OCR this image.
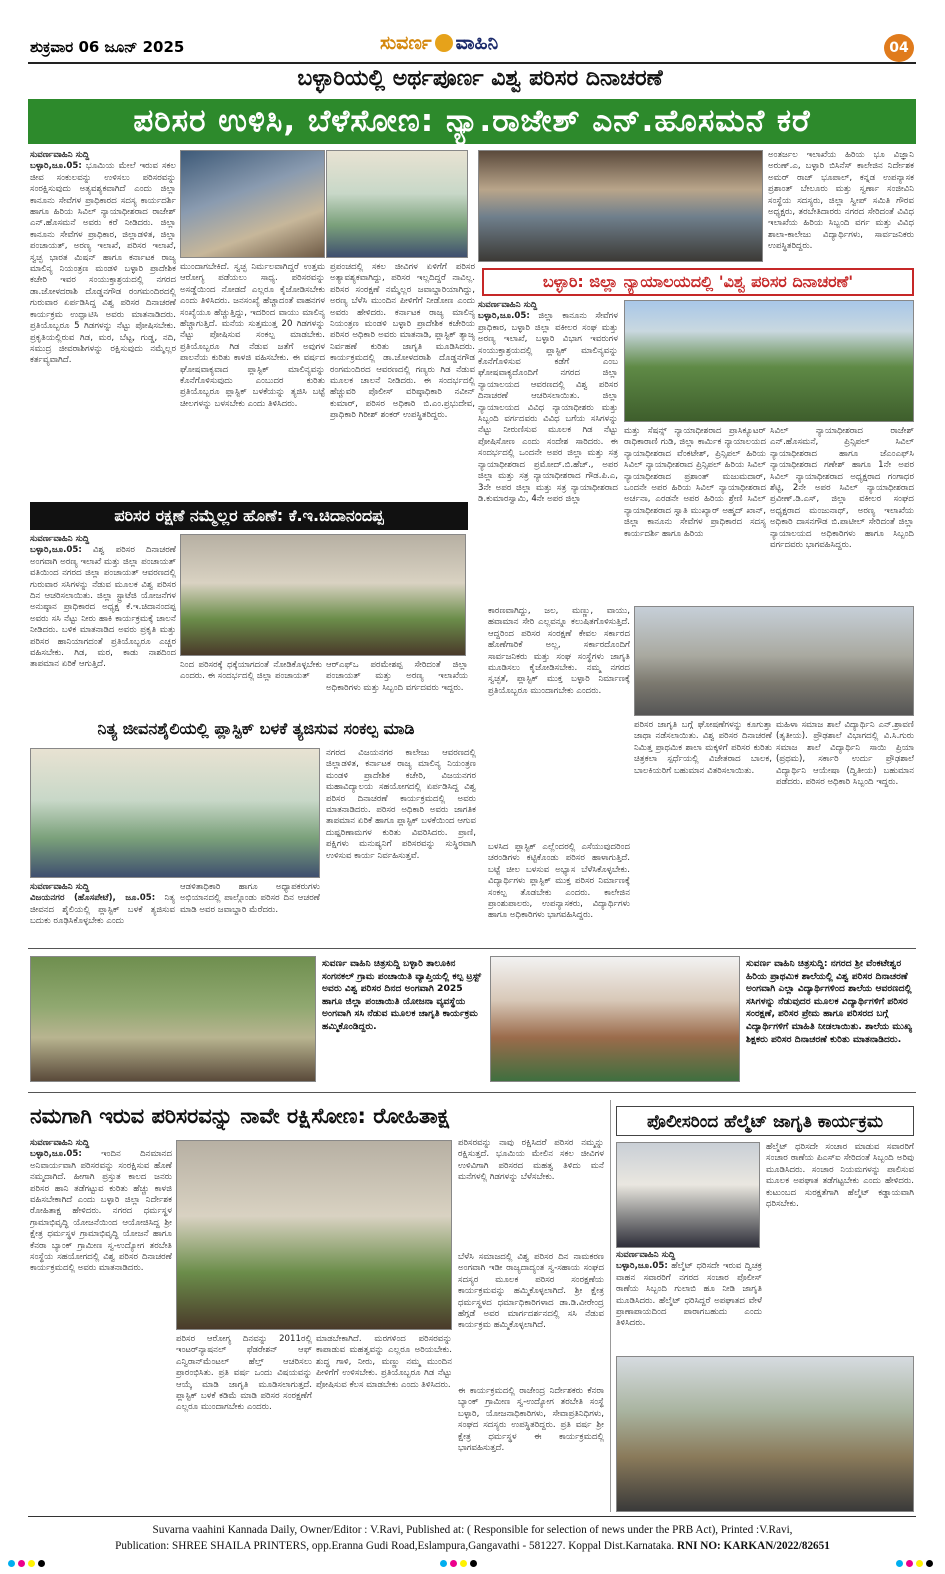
ಶುಕ್ರವಾರ 06 ಜೂನ್ 2025	ಸುವರ್ಣ ವಾಹಿನಿ	04
ಬಳ್ಳಾರಿಯಲ್ಲಿ ಅರ್ಥಪೂರ್ಣ ವಿಶ್ವ ಪರಿಸರ ದಿನಾಚರಣೆ
ಪರಿಸರ ಉಳಿಸಿ, ಬೆಳೆಸೋಣ: ನ್ಯಾ.ರಾಜೇಶ್ ಎನ್.ಹೊಸಮನೆ ಕರೆ
ಸುವರ್ಣವಾಹಿನಿ ಸುದ್ದಿ
ಬಳ್ಳಾರಿ,ಜೂ.05: ಭೂಮಿಯ ಮೇಲೆ ಇರುವ ಸಕಲ ಜೀವ ಸಂಕುಲವನ್ನು ಉಳಿಸಲು ಪರಿಸರವನ್ನು ಸಂರಕ್ಷಿಸುವುದು ಅತ್ಯವಶ್ಯಕವಾಗಿದೆ ಎಂದು ಜಿಲ್ಲಾ ಕಾನೂನು ಸೇವೆಗಳ ಪ್ರಾಧಿಕಾರದ ಸದಸ್ಯ ಕಾರ್ಯದರ್ಶಿ ಹಾಗೂ ಹಿರಿಯ ಸಿವಿಲ್ ನ್ಯಾಯಾಧೀಶರಾದ ರಾಜೇಶ್ ಎನ್.ಹೊಸಮನೆ ಅವರು ಕರೆ ನೀಡಿದರು. ಜಿಲ್ಲಾ ಕಾನೂನು ಸೇವೆಗಳ ಪ್ರಾಧಿಕಾರ, ಜಿಲ್ಲಾಡಳಿತ, ಜಿಲ್ಲಾ ಪಂಚಾಯತ್, ಅರಣ್ಯ ಇಲಾಖೆ, ಪರಿಸರ ಇಲಾಖೆ, ಸ್ವಚ್ಛ ಭಾರತ ಮಿಷನ್ ಹಾಗೂ ಕರ್ನಾಟಕ ರಾಜ್ಯ ಮಾಲಿನ್ಯ ನಿಯಂತ್ರಣ ಮಂಡಳಿ ಬಳ್ಳಾರಿ ಪ್ರಾದೇಶಿಕ ಕಚೇರಿ ಇವರ ಸಂಯುಕ್ತಾಶ್ರಯದಲ್ಲಿ ನಗರದ ಡಾ.ಜೋಳದರಾಶಿ ದೊಡ್ಡನಗೌಡ ರಂಗಮಂದಿರದಲ್ಲಿ ಗುರುವಾರ ಏರ್ಪಡಿಸಿದ್ದ ವಿಶ್ವ ಪರಿಸರ ದಿನಾಚರಣೆ ಕಾರ್ಯಕ್ರಮ ಉದ್ಘಾಟಿಸಿ ಅವರು ಮಾತನಾಡಿದರು. ಪ್ರತಿಯೊಬ್ಬರೂ 5 ಗಿಡಗಳನ್ನು ನೆಟ್ಟು ಪೋಷಿಸಬೇಕು. ಪ್ರಕೃತಿಯಲ್ಲಿರುವ ಗಿಡ, ಮರ, ಬೆಟ್ಟ, ಗುಡ್ಡ, ನದಿ, ಸಮುದ್ರ ಜೀವರಾಶಿಗಳನ್ನು ರಕ್ಷಿಸುವುದು ನಮ್ಮೆಲ್ಲರ ಕರ್ತವ್ಯವಾಗಿದೆ.
ಮುಂದಾಗಬೇಕಿದೆ. ಸ್ವಚ್ಛ ನಿರ್ಮಲವಾಗಿದ್ದರೆ ಉತ್ತಮ ಆರೋಗ್ಯ ಪಡೆಯಲು ಸಾಧ್ಯ. ಪರಿಸರವನ್ನು ಅಸಡ್ಡೆಯಿಂದ ನೋಡದೆ ಎಲ್ಲರೂ ಕೈಜೋಡಿಸಬೇಕು ಎಂದು ತಿಳಿಸಿದರು. ಜನಸಂಖ್ಯೆ ಹೆಚ್ಚಾದಂತೆ ವಾಹನಗಳ ಸಂಖ್ಯೆಯೂ ಹೆಚ್ಚುತ್ತಿದ್ದು, ಇದರಿಂದ ವಾಯು ಮಾಲಿನ್ಯ ಹೆಚ್ಚಾಗುತ್ತಿದೆ. ಮನೆಯ ಸುತ್ತಮುತ್ತ 20 ಗಿಡಗಳನ್ನು ನೆಟ್ಟು ಪೋಷಿಸುವ ಸಂಕಲ್ಪ ಮಾಡಬೇಕು. ಪ್ರತಿಯೊಬ್ಬರೂ ಗಿಡ ನೆಡುವ ಜತೆಗೆ ಅವುಗಳ ಪಾಲನೆಯ ಕುರಿತು ಕಾಳಜಿ ವಹಿಸಬೇಕು. ಈ ವರ್ಷದ ಘೋಷವಾಕ್ಯವಾದ ಪ್ಲಾಸ್ಟಿಕ್ ಮಾಲಿನ್ಯವನ್ನು ಕೊನೆಗೊಳಿಸುವುದು ಎಂಬುದರ ಕುರಿತು ಪ್ರತಿಯೊಬ್ಬರೂ ಪ್ಲಾಸ್ಟಿಕ್ ಬಳಕೆಯನ್ನು ತ್ಯಜಿಸಿ ಬಟ್ಟೆ ಚೀಲಗಳನ್ನು ಬಳಸಬೇಕು ಎಂದು ತಿಳಿಸಿದರು.
ಪ್ರಪಂಚದಲ್ಲಿ ಸಕಲ ಜೀವಿಗಳ ಏಳಿಗೆಗೆ ಪರಿಸರ ಅತ್ಯಾವಶ್ಯಕವಾಗಿದ್ದು, ಪರಿಸರ ಇಲ್ಲದಿದ್ದರೆ ನಾವಿಲ್ಲ. ಪರಿಸರ ಸಂರಕ್ಷಣೆ ನಮ್ಮೆಲ್ಲರ ಜವಾಬ್ದಾರಿಯಾಗಿದ್ದು, ಅರಣ್ಯ ಬೆಳೆಸಿ ಮುಂದಿನ ಪೀಳಿಗೆಗೆ ನೀಡೋಣ ಎಂದು ಅವರು ಹೇಳಿದರು. ಕರ್ನಾಟಕ ರಾಜ್ಯ ಮಾಲಿನ್ಯ ನಿಯಂತ್ರಣ ಮಂಡಳಿ ಬಳ್ಳಾರಿ ಪ್ರಾದೇಶಿಕ ಕಚೇರಿಯ ಪರಿಸರ ಅಧಿಕಾರಿ ಅವರು ಮಾತನಾಡಿ, ಪ್ಲಾಸ್ಟಿಕ್ ತ್ಯಾಜ್ಯ ನಿರ್ವಹಣೆ ಕುರಿತು ಜಾಗೃತಿ ಮೂಡಿಸಿದರು. ಕಾರ್ಯಕ್ರಮದಲ್ಲಿ ಡಾ.ಜೋಳದರಾಶಿ ದೊಡ್ಡನಗೌಡ ರಂಗಮಂದಿರದ ಆವರಣದಲ್ಲಿ ಗಣ್ಯರು ಗಿಡ ನೆಡುವ ಮೂಲಕ ಚಾಲನೆ ನೀಡಿದರು. ಈ ಸಂದರ್ಭದಲ್ಲಿ ಹೆಚ್ಚುವರಿ ಪೊಲೀಸ್ ವರಿಷ್ಠಾಧಿಕಾರಿ ನವೀನ್ ಕುಮಾರ್, ಪರಿಸರ ಅಧಿಕಾರಿ ಬಿ.ಎಂ.ಪ್ರಭುದೇವ, ಪ್ರಾಧಿಕಾರಿ ಗಿರೀಶ್ ಶಂಕರ್ ಉಪಸ್ಥಿತರಿದ್ದರು.
ಅಂತರ್ಜಲ ಇಲಾಖೆಯ ಹಿರಿಯ ಭೂ ವಿಜ್ಞಾನಿ ಅರುಣ್.ಎ, ಬಳ್ಳಾರಿ ಬಿಸಿನೆಸ್ ಕಾಲೇಜಿನ ನಿರ್ದೇಶಕ ಅಮರ್ ರಾಜ್ ಭೂಪಾಲ್, ಕನ್ನಡ ಉಪನ್ಯಾಸಕ ಪ್ರಶಾಂತ್ ಬೇಲೂರು ಮತ್ತು ಸ್ವರ್ಣಾ ಸಂಜೀವಿನಿ ಸಂಸ್ಥೆಯ ಸದಸ್ಯರು, ಜಿಲ್ಲಾ ಸ್ವೀಪ್ ಸಮಿತಿ ಗೌರವ ಅಧ್ಯಕ್ಷರು, ತರಬೇತಿದಾರರು ನಗರದ ಸೇರಿದಂತೆ ವಿವಿಧ ಇಲಾಖೆಯ ಹಿರಿಯ ಸಿಬ್ಬಂದಿ ವರ್ಗ ಮತ್ತು ವಿವಿಧ ಶಾಲಾ-ಕಾಲೇಜು ವಿದ್ಯಾರ್ಥಿಗಳು, ಸಾರ್ವಜನಿಕರು ಉಪಸ್ಥಿತರಿದ್ದರು.
ಬಳ್ಳಾರಿ: ಜಿಲ್ಲಾ ನ್ಯಾಯಾಲಯದಲ್ಲಿ 'ವಿಶ್ವ ಪರಿಸರ ದಿನಾಚರಣೆ'
ಸುವರ್ಣವಾಹಿನಿ ಸುದ್ದಿ
ಬಳ್ಳಾರಿ,ಜೂ.05: ಜಿಲ್ಲಾ ಕಾನೂನು ಸೇವೆಗಳ ಪ್ರಾಧಿಕಾರ, ಬಳ್ಳಾರಿ ಜಿಲ್ಲಾ ವಕೀಲರ ಸಂಘ ಮತ್ತು ಅರಣ್ಯ ಇಲಾಖೆ, ಬಳ್ಳಾರಿ ವಿಭಾಗ ಇವರುಗಳ ಸಂಯುಕ್ತಾಶ್ರಯದಲ್ಲಿ ಪ್ಲಾಸ್ಟಿಕ್ ಮಾಲಿನ್ಯವನ್ನು ಕೊನೆಗೊಳಿಸುವ ಕಡೆಗೆ ಎಂಬ ಘೋಷವಾಕ್ಯದೊಂದಿಗೆ ನಗರದ ಜಿಲ್ಲಾ ನ್ಯಾಯಾಲಯದ ಆವರಣದಲ್ಲಿ ವಿಶ್ವ ಪರಿಸರ ದಿನಾಚರಣೆ ಆಚರಿಸಲಾಯಿತು. ಜಿಲ್ಲಾ ನ್ಯಾಯಾಲಯದ ವಿವಿಧ ನ್ಯಾಯಾಧೀಶರು ಮತ್ತು ಸಿಬ್ಬಂದಿ ವರ್ಗದವರು ವಿವಿಧ ಬಗೆಯ ಸಸಿಗಳನ್ನು ನೆಟ್ಟು ನೀರುಣಿಸುವ ಮೂಲಕ ಗಿಡ ನೆಟ್ಟು ಪೋಷಿಸೋಣ ಎಂದು ಸಂದೇಶ ಸಾರಿದರು. ಈ ಸಂದರ್ಭದಲ್ಲಿ ಒಂದನೇ ಅಪರ ಜಿಲ್ಲಾ ಮತ್ತು ಸತ್ರ ನ್ಯಾಯಾಧೀಶರಾದ ಪ್ರಮೋದ್.ಬಿ.ಹೆಚ್., ಅಪರ ಜಿಲ್ಲಾ ಮತ್ತು ಸತ್ರ ನ್ಯಾಯಾಧೀಶರಾದ ಗೌಡ.ಪಿ.ಎ, 3ನೇ ಅಪರ ಜಿಲ್ಲಾ ಮತ್ತು ಸತ್ರ ನ್ಯಾಯಾಧೀಶರಾದ ಡಿ.ಕುಮಾರಸ್ವಾಮಿ, 4ನೇ ಅಪರ ಜಿಲ್ಲಾ
ಮತ್ತು ಸೆಷನ್ಸ್ ನ್ಯಾಯಾಧೀಶರಾದ ಪ್ರಾಸಿಕ್ಯೂಟರ್ ರಾಧಿಕಾರಾಣಿ ಗುಡಿ, ಜಿಲ್ಲಾ ಕಾರ್ಮಿಕ ನ್ಯಾಯಾಲಯದ ನ್ಯಾಯಾಧೀಶರಾದ ವೆಂಕಟೇಶ್, ಪ್ರಿನ್ಸಿಪಲ್ ಹಿರಿಯ ಸಿವಿಲ್ ನ್ಯಾಯಾಧೀಶರಾದ ಪ್ರಿನ್ಸಿಪಲ್ ಹಿರಿಯ ಸಿವಿಲ್ ನ್ಯಾಯಾಧೀಶರಾದ ಪ್ರಶಾಂತ್ ಮಜುಮದಾರ್, ಒಂದನೇ ಅಪರ ಹಿರಿಯ ಸಿವಿಲ್ ನ್ಯಾಯಾಧೀಶರಾದ ಅರ್ಚನಾ, ಎರಡನೇ ಅಪರ ಹಿರಿಯ ಶ್ರೇಣಿ ಸಿವಿಲ್ ನ್ಯಾಯಾಧೀಶರಾದ ಸ್ವಾತಿ ಮುಖ್ಯಾರ್ ಅಹ್ಮದ್ ಖಾನ್, ಜಿಲ್ಲಾ ಕಾನೂನು ಸೇವೆಗಳ ಪ್ರಾಧಿಕಾರದ ಸದಸ್ಯ ಕಾರ್ಯದರ್ಶಿ ಹಾಗೂ ಹಿರಿಯ
ಸಿವಿಲ್ ನ್ಯಾಯಾಧೀಶರಾದ ರಾಜೇಶ್ ಎನ್.ಹೊಸಮನೆ, ಪ್ರಿನ್ಸಿಪಲ್ ಸಿವಿಲ್ ನ್ಯಾಯಾಧೀಶರಾದ ಹಾಗೂ ಜೆಎಂಎಫ್‌ಸಿ ನ್ಯಾಯಾಧೀಶರಾದ ಗಣೇಶ್ ಹಾಗೂ 1ನೇ ಅಪರ ಸಿವಿಲ್ ನ್ಯಾಯಾಧೀಶರಾದ ಅಧ್ಯಕ್ಷರಾದ ಗಂಗಾಧರ ಶೆಟ್ಟಿ, 2ನೇ ಅಪರ ಸಿವಿಲ್ ನ್ಯಾಯಾಧೀಶರಾದ ಪ್ರವೀಣ್.ಡಿ.ಎಸ್, ಜಿಲ್ಲಾ ವಕೀಲರ ಸಂಘದ ಅಧ್ಯಕ್ಷರಾದ ಮಂಜುನಾಥ್, ಅರಣ್ಯ ಇಲಾಖೆಯ ಅಧಿಕಾರಿ ದಾಸನಗೌಡ ಬಿ.ಪಾಟೀಲ್ ಸೇರಿದಂತೆ ಜಿಲ್ಲಾ ನ್ಯಾಯಾಲಯದ ಅಧಿಕಾರಿಗಳು ಹಾಗೂ ಸಿಬ್ಬಂದಿ ವರ್ಗದವರು ಭಾಗವಹಿಸಿದ್ದರು.
ಪರಿಸರ ರಕ್ಷಣೆ ನಮ್ಮೆಲ್ಲರ ಹೊಣೆ: ಕೆ.ಇ.ಚಿದಾನಂದಪ್ಪ
ಸುವರ್ಣವಾಹಿನಿ ಸುದ್ದಿ
ಬಳ್ಳಾರಿ,ಜೂ.05: ವಿಶ್ವ ಪರಿಸರ ದಿನಾಚರಣೆ ಅಂಗವಾಗಿ ಅರಣ್ಯ ಇಲಾಖೆ ಮತ್ತು ಜಿಲ್ಲಾ ಪಂಚಾಯತ್ ವತಿಯಿಂದ ನಗರದ ಜಿಲ್ಲಾ ಪಂಚಾಯತ್ ಆವರಣದಲ್ಲಿ ಗುರುವಾರ ಸಸಿಗಳನ್ನು ನೆಡುವ ಮೂಲಕ ವಿಶ್ವ ಪರಿಸರ ದಿನ ಆಚರಿಸಲಾಯಿತು. ಜಿಲ್ಲಾ ಸ್ಟ್ರಾಟೆಜಿ ಯೋಜನೆಗಳ ಅನುಷ್ಠಾನ ಪ್ರಾಧಿಕಾರದ ಅಧ್ಯಕ್ಷ ಕೆ.ಇ.ಚಿದಾನಂದಪ್ಪ ಅವರು ಸಸಿ ನೆಟ್ಟು ನೀರು ಹಾಕಿ ಕಾರ್ಯಕ್ರಮಕ್ಕೆ ಚಾಲನೆ ನೀಡಿದರು. ಬಳಿಕ ಮಾತನಾಡಿದ ಅವರು ಪ್ರಕೃತಿ ಮತ್ತು ಪರಿಸರ ಹಾನಿಯಾಗದಂತೆ ಪ್ರತಿಯೊಬ್ಬರೂ ಎಚ್ಚರ ವಹಿಸಬೇಕು. ಗಿಡ, ಮರ, ಕಾಡು ನಾಶದಿಂದ ತಾಪಮಾನ ಏರಿಕೆ ಆಗುತ್ತಿದೆ.	ನಿಂದ ಪರಿಸರಕ್ಕೆ ಧಕ್ಕೆಯಾಗದಂತೆ ನೋಡಿಕೊಳ್ಳಬೇಕು ಎಂದರು. ಈ ಸಂದರ್ಭದಲ್ಲಿ ಜಿಲ್ಲಾ ಪಂಚಾಯತ್
ಆರ್‌ಎಫ್‌ಒ ಪರಮೇಶಪ್ಪ ಸೇರಿದಂತೆ ಜಿಲ್ಲಾ ಪಂಚಾಯತ್ ಮತ್ತು ಅರಣ್ಯ ಇಲಾಖೆಯ ಅಧಿಕಾರಿಗಳು ಮತ್ತು ಸಿಬ್ಬಂದಿ ವರ್ಗದವರು ಇದ್ದರು.
ಕಾರಣವಾಗಿದ್ದು, ಜಲ, ಮಣ್ಣು, ವಾಯು, ಹವಾಮಾನ ಸೇರಿ ಎಲ್ಲವನ್ನೂ ಕಲುಷಿತಗೊಳಿಸುತ್ತಿದೆ. ಆದ್ದರಿಂದ ಪರಿಸರ ಸಂರಕ್ಷಣೆ ಕೇವಲ ಸರ್ಕಾರದ ಹೊಣೆಗಾರಿಕೆ ಅಲ್ಲ, ಸರ್ಕಾರದೊಂದಿಗೆ ಸಾರ್ವಜನಿಕರು ಮತ್ತು ಸಂಘ ಸಂಸ್ಥೆಗಳು ಜಾಗೃತಿ ಮೂಡಿಸಲು ಕೈಜೋಡಿಸಬೇಕು. ನಮ್ಮ ನಗರದ ಸ್ವಚ್ಛತೆ, ಪ್ಲಾಸ್ಟಿಕ್ ಮುಕ್ತ ಬಳ್ಳಾರಿ ನಿರ್ಮಾಣಕ್ಕೆ ಪ್ರತಿಯೊಬ್ಬರೂ ಮುಂದಾಗಬೇಕು ಎಂದರು.
ಪರಿಸರ ಜಾಗೃತಿ ಬಗ್ಗೆ ಘೋಷಣೆಗಳನ್ನು ಕೂಗುತ್ತಾ ಜಾಥಾ ನಡೆಸಲಾಯಿತು. ವಿಶ್ವ ಪರಿಸರ ದಿನಾಚರಣೆ ನಿಮಿತ್ತ ಪ್ರಾಥಮಿಕ ಶಾಲಾ ಮಕ್ಕಳಿಗೆ ಪರಿಸರ ಕುರಿತು ಚಿತ್ರಕಲಾ ಸ್ಪರ್ಧೆಯಲ್ಲಿ ವಿಜೇತರಾದ ಬಾಲಕ, ಬಾಲಕಿಯರಿಗೆ ಬಹುಮಾನ ವಿತರಿಸಲಾಯಿತು.
ಮಹಿಳಾ ಸಮಾಜ ಶಾಲೆ ವಿದ್ಯಾರ್ಥಿನಿ ಎನ್.ಶ್ರಾವಣಿ (ತೃತೀಯ). ಪ್ರೌಢಶಾಲೆ ವಿಭಾಗದಲ್ಲಿ ವಿ.ಸಿ.ಗುರು ಸಮಾಜ ಶಾಲೆ ವಿದ್ಯಾರ್ಥಿನಿ ಸಾಯಿ ಪ್ರಿಯಾ (ಪ್ರಥಮ), ಸರ್ಕಾರಿ ಉರ್ದು ಪ್ರೌಢಶಾಲೆ ವಿದ್ಯಾರ್ಥಿನಿ ಆಯೇಷಾ (ದ್ವಿತೀಯ) ಬಹುಮಾನ ಪಡೆದರು. ಪರಿಸರ ಅಧಿಕಾರಿ ಸಿಬ್ಬಂದಿ ಇದ್ದರು.
ನಿತ್ಯ ಜೀವನಶೈಲಿಯಲ್ಲಿ ಪ್ಲಾಸ್ಟಿಕ್ ಬಳಕೆ ತ್ಯಜಿಸುವ ಸಂಕಲ್ಪ ಮಾಡಿ
ಸುವರ್ಣವಾಹಿನಿ ಸುದ್ದಿ
ವಿಜಯನಗರ (ಹೊಸಪೇಟೆ), ಜೂ.05: ನಿತ್ಯ ಜೀವನದ ಶೈಲಿಯಲ್ಲಿ ಪ್ಲಾಸ್ಟಿಕ್ ಬಳಕೆ ತ್ಯಜಿಸುವ ಬದುಕು ರೂಢಿಸಿಕೊಳ್ಳಬೇಕು ಎಂದು
ಆಡಳಿತಾಧಿಕಾರಿ ಹಾಗೂ ಅಧ್ಯಾಪಕರುಗಳು ಅಭಿಯಾನದಲ್ಲಿ ಪಾಲ್ಗೊಂಡು ಪರಿಸರ ದಿನ ಆಚರಣೆ ಮಾಡಿ ಅವರ ಜವಾಬ್ದಾರಿ ಮೆರೆದರು.
ನಗರದ ವಿಜಯನಗರ ಕಾಲೇಜು ಆವರಣದಲ್ಲಿ ಜಿಲ್ಲಾಡಳಿತ, ಕರ್ನಾಟಕ ರಾಜ್ಯ ಮಾಲಿನ್ಯ ನಿಯಂತ್ರಣ ಮಂಡಳಿ ಪ್ರಾದೇಶಿಕ ಕಚೇರಿ, ವಿಜಯನಗರ ಮಹಾವಿದ್ಯಾಲಯ ಸಹಯೋಗದಲ್ಲಿ ಏರ್ಪಡಿಸಿದ್ದ ವಿಶ್ವ ಪರಿಸರ ದಿನಾಚರಣೆ ಕಾರ್ಯಕ್ರಮದಲ್ಲಿ ಅವರು ಮಾತನಾಡಿದರು. ಪರಿಸರ ಅಧಿಕಾರಿ ಅವರು ಜಾಗತಿಕ ತಾಪಮಾನ ಏರಿಕೆ ಹಾಗೂ ಪ್ಲಾಸ್ಟಿಕ್ ಬಳಕೆಯಿಂದ ಆಗುವ ದುಷ್ಪರಿಣಾಮಗಳ ಕುರಿತು ವಿವರಿಸಿದರು. ಪ್ರಾಣಿ, ಪಕ್ಷಿಗಳು ಮನುಷ್ಯನಿಗೆ ಪರಿಸರವನ್ನು ಸುಸ್ಥಿರವಾಗಿ ಉಳಿಸುವ ಕಾರ್ಯ ನಿರ್ವಹಿಸುತ್ತವೆ.
ಬಳಸಿದ ಪ್ಲಾಸ್ಟಿಕ್ ಎಲ್ಲೆಂದರಲ್ಲಿ ಎಸೆಯುವುದರಿಂದ ಚರಂಡಿಗಳು ಕಟ್ಟಿಕೊಂಡು ಪರಿಸರ ಹಾಳಾಗುತ್ತಿದೆ. ಬಟ್ಟೆ ಚೀಲ ಬಳಸುವ ಅಭ್ಯಾಸ ಬೆಳೆಸಿಕೊಳ್ಳಬೇಕು. ವಿದ್ಯಾರ್ಥಿಗಳು ಪ್ಲಾಸ್ಟಿಕ್ ಮುಕ್ತ ಪರಿಸರ ನಿರ್ಮಾಣಕ್ಕೆ ಸಂಕಲ್ಪ ತೊಡಬೇಕು ಎಂದರು. ಕಾಲೇಜಿನ ಪ್ರಾಂಶುಪಾಲರು, ಉಪನ್ಯಾಸಕರು, ವಿದ್ಯಾರ್ಥಿಗಳು ಹಾಗೂ ಅಧಿಕಾರಿಗಳು ಭಾಗವಹಿಸಿದ್ದರು.
ಸುವರ್ಣ ವಾಹಿನಿ ಚಿತ್ರಸುದ್ದಿ ಬಳ್ಳಾರಿ ತಾಲೂಕಿನ ಸಂಗನಕಲ್ ಗ್ರಾಮ ಪಂಚಾಯಿತಿ ವ್ಯಾಪ್ತಿಯಲ್ಲಿ ಕಲ್ಪ ಟ್ರಸ್ಟ್ ಅವರು ವಿಶ್ವ ಪರಿಸರ ದಿನದ ಅಂಗವಾಗಿ 2025 ಹಾಗೂ ಜಿಲ್ಲಾ ಪಂಚಾಯಿತಿ ಯೋಜನಾ ವ್ಯವಸ್ಥೆಯ ಅಂಗವಾಗಿ ಸಸಿ ನೆಡುವ ಮೂಲಕ ಜಾಗೃತಿ ಕಾರ್ಯಕ್ರಮ ಹಮ್ಮಿಕೊಂಡಿದ್ದರು.
ಸುವರ್ಣ ವಾಹಿನಿ ಚಿತ್ರಸುದ್ದಿ: ನಗರದ ಶ್ರೀ ವೆಂಕಟೇಶ್ವರ ಹಿರಿಯ ಪ್ರಾಥಮಿಕ ಶಾಲೆಯಲ್ಲಿ ವಿಶ್ವ ಪರಿಸರ ದಿನಾಚರಣೆ ಅಂಗವಾಗಿ ಎಲ್ಲಾ ವಿದ್ಯಾರ್ಥಿಗಳಿಂದ ಶಾಲೆಯ ಆವರಣದಲ್ಲಿ ಸಸಿಗಳನ್ನು ನೆಡುವುದರ ಮೂಲಕ ವಿದ್ಯಾರ್ಥಿಗಳಿಗೆ ಪರಿಸರ ಸಂರಕ್ಷಣೆ, ಪರಿಸರ ಪ್ರೇಮ ಹಾಗೂ ಪರಿಸರದ ಬಗ್ಗೆ ವಿದ್ಯಾರ್ಥಿಗಳಿಗೆ ಮಾಹಿತಿ ನೀಡಲಾಯಿತು. ಶಾಲೆಯ ಮುಖ್ಯ ಶಿಕ್ಷಕರು ಪರಿಸರ ದಿನಾಚರಣೆ ಕುರಿತು ಮಾತನಾಡಿದರು.
ನಮಗಾಗಿ ಇರುವ ಪರಿಸರವನ್ನು ನಾವೇ ರಕ್ಷಿಸೋಣ: ರೋಹಿತಾಕ್ಷ
ಸುವರ್ಣವಾಹಿನಿ ಸುದ್ದಿ
ಬಳ್ಳಾರಿ,ಜೂ.05: ಇಂದಿನ ದಿನಮಾನದ ಅನಿವಾರ್ಯವಾಗಿ ಪರಿಸರವನ್ನು ಸಂರಕ್ಷಿಸುವ ಹೊಣೆ ನಮ್ಮದಾಗಿದೆ. ಹೀಗಾಗಿ ಪ್ರಸ್ತುತ ಕಾಲದ ಜನರು ಪರಿಸರ ಹಾನಿ ತಡೆಗಟ್ಟುವ ಕುರಿತು ಹೆಚ್ಚು ಕಾಳಜಿ ವಹಿಸಬೇಕಾಗಿದೆ ಎಂದು ಬಳ್ಳಾರಿ ಜಿಲ್ಲಾ ನಿರ್ದೇಶಕ ರೋಹಿತಾಕ್ಷ ಹೇಳಿದರು. ನಗರದ ಧರ್ಮಸ್ಥಳ ಗ್ರಾಮಾಭಿವೃದ್ಧಿ ಯೋಜನೆಯಿಂದ ಆಯೋಜಿಸಿದ್ದ ಶ್ರೀ ಕ್ಷೇತ್ರ ಧರ್ಮಸ್ಥಳ ಗ್ರಾಮಾಭಿವೃದ್ಧಿ ಯೋಜನೆ ಹಾಗೂ ಕೆನರಾ ಬ್ಯಾಂಕ್ ಗ್ರಾಮೀಣ ಸ್ವ-ಉದ್ಯೋಗ ತರಬೇತಿ ಸಂಸ್ಥೆಯ ಸಹಯೋಗದಲ್ಲಿ ವಿಶ್ವ ಪರಿಸರ ದಿನಾಚರಣೆ ಕಾರ್ಯಕ್ರಮದಲ್ಲಿ ಅವರು ಮಾತನಾಡಿದರು.
ಪರಿಸರ ಆರೋಗ್ಯ ದಿನವನ್ನು 2011ರಲ್ಲಿ ಇಂಟರ್‌ನ್ಯಾಷನಲ್ ಫೆಡರೇಶನ್ ಆಫ್ ಎನ್ವಿರಾನ್‌ಮೆಂಟಲ್ ಹೆಲ್ತ್ ಆಚರಿಸಲು ಪ್ರಾರಂಭಿಸಿತು. ಪ್ರತಿ ವರ್ಷ ಒಂದು ವಿಷಯವನ್ನು ಆಯ್ಕೆ ಮಾಡಿ ಜಾಗೃತಿ ಮೂಡಿಸಲಾಗುತ್ತದೆ. ಪ್ಲಾಸ್ಟಿಕ್ ಬಳಕೆ ಕಡಿಮೆ ಮಾಡಿ ಪರಿಸರ ಸಂರಕ್ಷಣೆಗೆ ಎಲ್ಲರೂ ಮುಂದಾಗಬೇಕು ಎಂದರು.
ಮಾಡಬೇಕಾಗಿದೆ. ಮರಗಳಿಂದ ಪರಿಸರವನ್ನು ಕಾಪಾಡುವ ಮಹತ್ವವನ್ನು ಎಲ್ಲರೂ ಅರಿಯಬೇಕು. ಶುದ್ಧ ಗಾಳಿ, ನೀರು, ಮಣ್ಣು ನಮ್ಮ ಮುಂದಿನ ಪೀಳಿಗೆಗೆ ಉಳಿಸಬೇಕು. ಪ್ರತಿಯೊಬ್ಬರೂ ಗಿಡ ನೆಟ್ಟು ಪೋಷಿಸುವ ಕೆಲಸ ಮಾಡಬೇಕು ಎಂದು ತಿಳಿಸಿದರು.
ಪರಿಸರವನ್ನು ನಾವು ರಕ್ಷಿಸಿದರೆ ಪರಿಸರ ನಮ್ಮನ್ನು ರಕ್ಷಿಸುತ್ತದೆ. ಭೂಮಿಯ ಮೇಲಿನ ಸಕಲ ಜೀವಿಗಳ ಉಳಿವಿಗಾಗಿ ಪರಿಸರದ ಮಹತ್ವ ತಿಳಿದು ಮನೆ ಮನೆಗಳಲ್ಲಿ ಗಿಡಗಳನ್ನು ಬೆಳೆಸಬೇಕು.
ಬೆಳೆಸಿ ಸಮಾಜದಲ್ಲಿ ವಿಶ್ವ ಪರಿಸರ ದಿನ ನಾಮಕರಣ ಅಂಗವಾಗಿ ಇಡೀ ರಾಜ್ಯದಾದ್ಯಂತ ಸ್ವ-ಸಹಾಯ ಸಂಘದ ಸದಸ್ಯರ ಮೂಲಕ ಪರಿಸರ ಸಂರಕ್ಷಣೆಯ ಕಾರ್ಯಕ್ರಮವನ್ನು ಹಮ್ಮಿಕೊಳ್ಳಲಾಗಿದೆ. ಶ್ರೀ ಕ್ಷೇತ್ರ ಧರ್ಮಸ್ಥಳದ ಧರ್ಮಾಧಿಕಾರಿಗಳಾದ ಡಾ.ಡಿ.ವೀರೇಂದ್ರ ಹೆಗ್ಗಡೆ ಅವರ ಮಾರ್ಗದರ್ಶನದಲ್ಲಿ ಸಸಿ ನೆಡುವ ಕಾರ್ಯಕ್ರಮ ಹಮ್ಮಿಕೊಳ್ಳಲಾಗಿದೆ.
ಈ ಕಾರ್ಯಕ್ರಮದಲ್ಲಿ ರಾಜೇಂದ್ರ ನಿರ್ದೇಶಕರು ಕೆನರಾ ಬ್ಯಾಂಕ್ ಗ್ರಾಮೀಣ ಸ್ವ-ಉದ್ಯೋಗ ತರಬೇತಿ ಸಂಸ್ಥೆ ಬಳ್ಳಾರಿ, ಯೋಜನಾಧಿಕಾರಿಗಳು, ಸೇವಾಪ್ರತಿನಿಧಿಗಳು, ಸಂಘದ ಸದಸ್ಯರು ಉಪಸ್ಥಿತರಿದ್ದರು. ಪ್ರತಿ ವರ್ಷ ಶ್ರೀ ಕ್ಷೇತ್ರ ಧರ್ಮಸ್ಥಳ ಈ ಕಾರ್ಯಕ್ರಮದಲ್ಲಿ ಭಾಗವಹಿಸುತ್ತದೆ.
ಪೊಲೀಸರಿಂದ ಹೆಲ್ಮೆಟ್ ಜಾಗೃತಿ ಕಾರ್ಯಕ್ರಮ
ಹೆಲ್ಮೆಟ್ ಧರಿಸದೇ ಸಂಚಾರ ಮಾಡುವ ಸವಾರರಿಗೆ ಸಂಚಾರ ಠಾಣೆಯ ಪಿಎಸ್ಐ ಸೇರಿದಂತೆ ಸಿಬ್ಬಂದಿ ಅರಿವು ಮೂಡಿಸಿದರು. ಸಂಚಾರ ನಿಯಮಗಳನ್ನು ಪಾಲಿಸುವ ಮೂಲಕ ಅಪಘಾತ ತಡೆಗಟ್ಟಬೇಕು ಎಂದು ಹೇಳಿದರು. ಕುಟುಂಬದ ಸುರಕ್ಷತೆಗಾಗಿ ಹೆಲ್ಮೆಟ್ ಕಡ್ಡಾಯವಾಗಿ ಧರಿಸಬೇಕು.
ಸುವರ್ಣವಾಹಿನಿ ಸುದ್ದಿ
ಬಳ್ಳಾರಿ,ಜೂ.05: ಹೆಲ್ಮೆಟ್ ಧರಿಸದೇ ಇರುವ ದ್ವಿಚಕ್ರ ವಾಹನ ಸವಾರರಿಗೆ ನಗರದ ಸಂಚಾರ ಪೊಲೀಸ್ ಠಾಣೆಯ ಸಿಬ್ಬಂದಿ ಗುಲಾಬಿ ಹೂ ನೀಡಿ ಜಾಗೃತಿ ಮೂಡಿಸಿದರು. ಹೆಲ್ಮೆಟ್ ಧರಿಸಿದ್ದರೆ ಅಪಘಾತದ ವೇಳೆ ಪ್ರಾಣಾಪಾಯದಿಂದ ಪಾರಾಗಬಹುದು ಎಂದು ತಿಳಿಸಿದರು.
Suvarna vaahini Kannada Daily, Owner/Editor : V.Ravi, Published at: ( Responsible for selection of news under the PRB Act), Printed :V.Ravi,
Publication: SHREE SHAILA PRINTERS, opp.Eranna Gudi Road,Eslampura,Gangavathi - 581227. Koppal Dist.Karnataka. RNI NO: KARKAN/2022/82651
